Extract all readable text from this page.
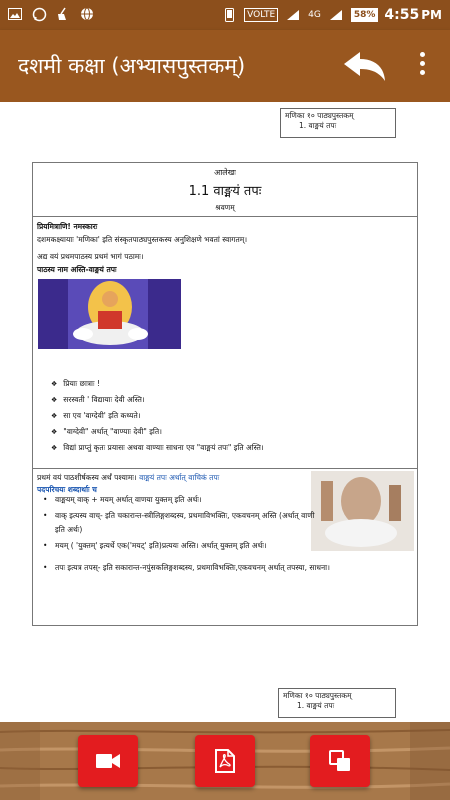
VOLTE	4G	58% 4:55 PM
दशमी कक्षा (अभ्यासपुस्तकम्)
मणिका १० पाठ्यपुस्तकम्
1. वाङ्मयं तपः
आलेखः
1.1 वाङ्मयं तपः
श्रवणम्
प्रियमित्राणि! नमस्कारः
दशमकक्ष्यायाः 'मणिका' इति संस्कृतपाठ्यपुस्तकस्य अनुशिक्षणे भवतां स्वागतम्।
अद्य वयं प्रथमपाठस्य प्रथमं भागं पठामः।
पाठस्य नाम अस्ति-वाङ्मयं तपः
❖ प्रियाः छात्राः !
❖ सरस्वती ' विद्यायाः देवी अस्ति।
❖ सा एव 'वाग्देवी' इति कथ्यते।
❖ "वाग्देवी" अर्थात् "वाण्याः देवी" इति।
❖ विद्यां प्राप्तुं कृतः प्रयासः अथवा वाण्याः साधना एव "वाङ्मयं तपः" इति अस्ति।
प्रथमं वयं पाठशीर्षकस्य अर्थं पश्यामः। वाङ्मयं तपः अर्थात् वाचिकं तपः
पदपरिचयः शब्दार्थाः च
• वाङ्मयम् वाक् + मयम् अर्थात् वाणया युक्तम् इति अर्थः।
• वाक् इत्यस्य वाच्- इति चकारान्त-स्त्रीलिङ्गशब्दस्य, प्रथमाविभक्तिः, एकवचनम् अस्ति (अर्थात् वाणी इति अर्थः)
• मयम् ( 'युक्तम्' इत्यर्थे एक('मयट्' इति)प्रत्ययः अस्ति। अर्थात् युक्तम् इति अर्थः।
• तपः इत्यत्र तपस्- इति सकारान्त-नपुंसकलिङ्गशब्दस्य, प्रथमाविभक्तिः,एकवचनम् अर्थात् तपस्या, साधना।
मणिका १० पाठ्यपुस्तकम्
1. वाङ्मयं तपः
